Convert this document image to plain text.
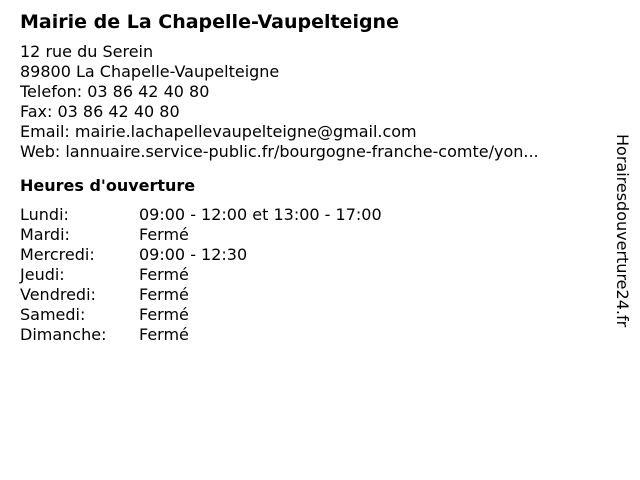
Mairie de La Chapelle-Vaupelteigne
12 rue du Serein
89800 La Chapelle-Vaupelteigne
Telefon: 03 86 42 40 80
Fax: 03 86 42 40 80
Email: mairie.lachapellevaupelteigne@gmail.com
Web: lannuaire.service-public.fr/bourgogne-franche-comte/yon...
Heures d'ouverture
Lundi:	09:00 - 12:00 et 13:00 - 17:00
Mardi:	Fermé
Mercredi:	09:00 - 12:30
Jeudi:	Fermé
Vendredi:	Fermé
Samedi:	Fermé
Dimanche:	Fermé
Horairesdouverture24.fr
